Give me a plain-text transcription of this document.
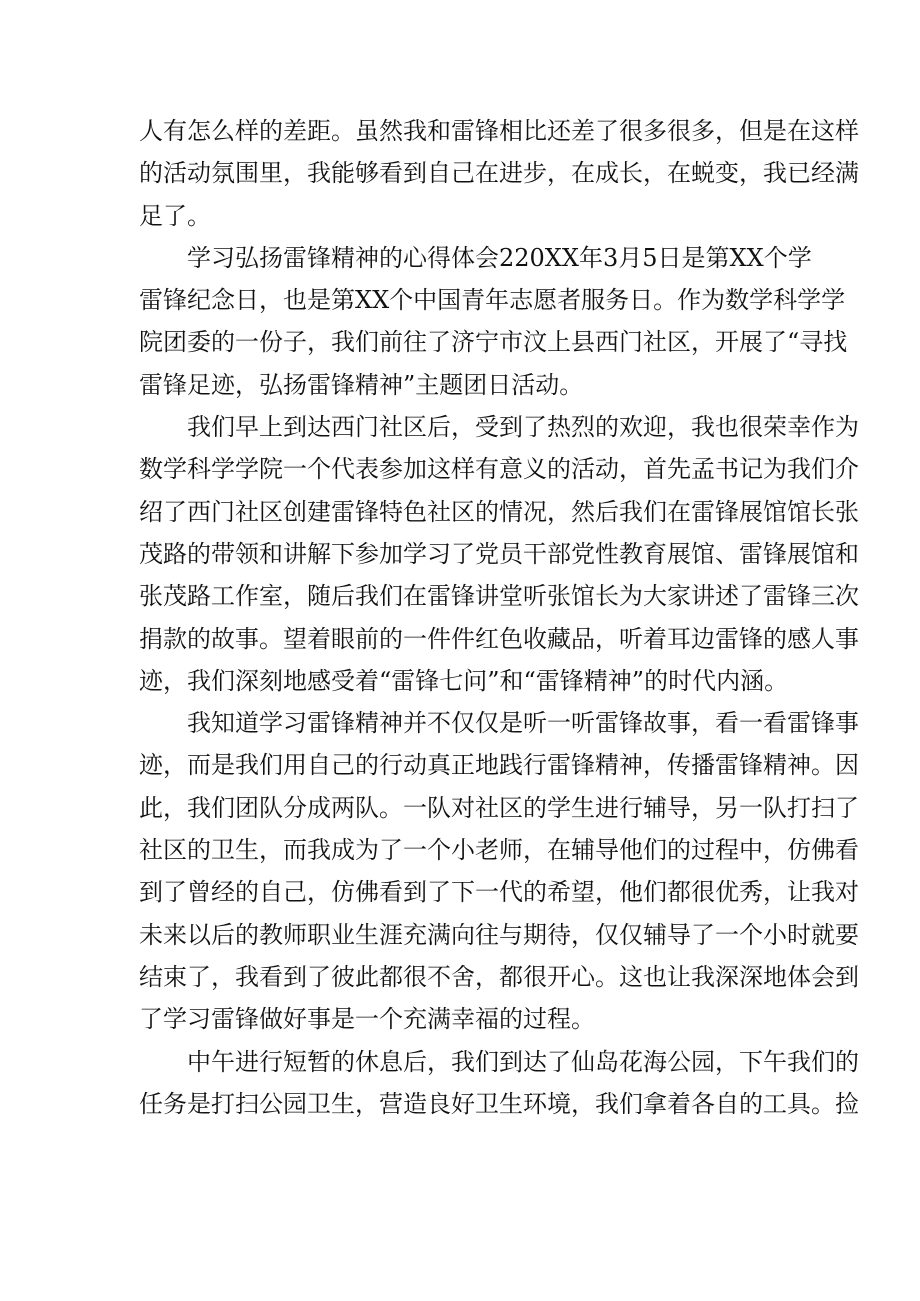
人有怎么样的差距。虽然我和雷锋相比还差了很多很多，但是在这样
的活动氛围里，我能够看到自己在进步，在成长，在蜕变，我已经满
足了。
学习弘扬雷锋精神的心得体会220XX年3月5日是第XX个学
雷锋纪念日，也是第XX个中国青年志愿者服务日。作为数学科学学
院团委的一份子，我们前往了济宁市汶上县西门社区，开展了“寻找
雷锋足迹，弘扬雷锋精神”主题团日活动。
我们早上到达西门社区后，受到了热烈的欢迎，我也很荣幸作为
数学科学学院一个代表参加这样有意义的活动，首先孟书记为我们介
绍了西门社区创建雷锋特色社区的情况，然后我们在雷锋展馆馆长张
茂路的带领和讲解下参加学习了党员干部党性教育展馆、雷锋展馆和
张茂路工作室，随后我们在雷锋讲堂听张馆长为大家讲述了雷锋三次
捐款的故事。望着眼前的一件件红色收藏品，听着耳边雷锋的感人事
迹，我们深刻地感受着“雷锋七问”和“雷锋精神”的时代内涵。
我知道学习雷锋精神并不仅仅是听一听雷锋故事，看一看雷锋事
迹，而是我们用自己的行动真正地践行雷锋精神，传播雷锋精神。因
此，我们团队分成两队。一队对社区的学生进行辅导，另一队打扫了
社区的卫生，而我成为了一个小老师，在辅导他们的过程中，仿佛看
到了曾经的自己，仿佛看到了下一代的希望，他们都很优秀，让我对
未来以后的教师职业生涯充满向往与期待，仅仅辅导了一个小时就要
结束了，我看到了彼此都很不舍，都很开心。这也让我深深地体会到
了学习雷锋做好事是一个充满幸福的过程。
中午进行短暂的休息后，我们到达了仙岛花海公园，下午我们的
任务是打扫公园卫生，营造良好卫生环境，我们拿着各自的工具。捡
